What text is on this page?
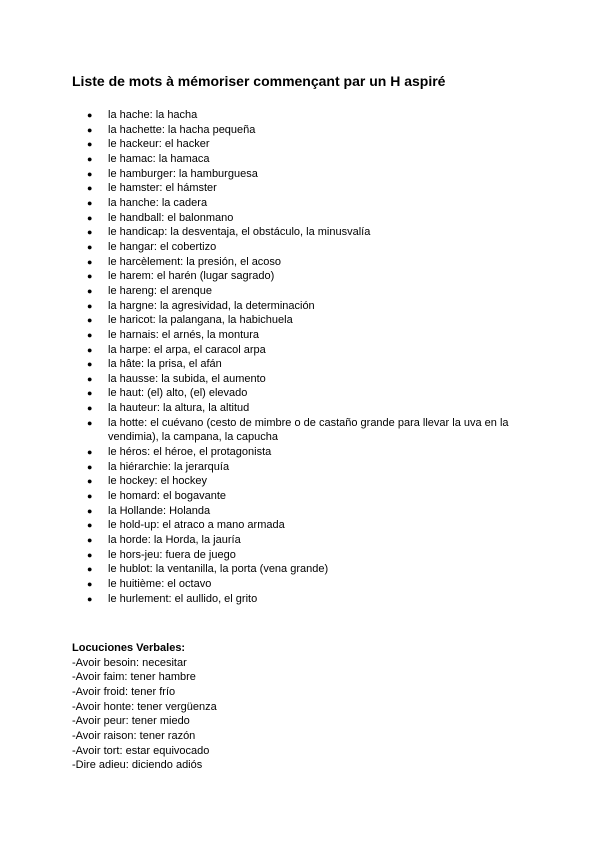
Liste de mots à mémoriser commençant par un H aspiré
● la hache: la hacha
● la hachette: la hacha pequeña
● le hackeur: el hacker
● le hamac: la hamaca
● le hamburger: la hamburguesa
● le hamster: el hámster
● la hanche: la cadera
● le handball: el balonmano
● le handicap: la desventaja, el obstáculo, la minusvalía
● le hangar: el cobertizo
● le harcèlement: la presión, el acoso
● le harem: el harén (lugar sagrado)
● le hareng: el arenque
● la hargne: la agresividad, la determinación
● le haricot: la palangana, la habichuela
● le harnais: el arnés, la montura
● la harpe: el arpa, el caracol arpa
● la hâte: la prisa, el afán
● la hausse: la subida, el aumento
● le haut: (el) alto, (el) elevado
● la hauteur: la altura, la altitud
● la hotte: el cuévano (cesto de mimbre o de castaño grande para llevar la uva en la vendimia), la campana, la capucha
● le héros: el héroe, el protagonista
● la hiérarchie: la jerarquía
● le hockey: el hockey
● le homard: el bogavante
● la Hollande: Holanda
● le hold-up: el atraco a mano armada
● la horde: la Horda, la jauría
● le hors-jeu: fuera de juego
● le hublot: la ventanilla, la porta (vena grande)
● le huitième: el octavo
● le hurlement: el aullido, el grito
Locuciones Verbales:
-Avoir besoin: necesitar
-Avoir faim: tener hambre
-Avoir froid: tener frío
-Avoir honte: tener vergüenza
-Avoir peur: tener miedo
-Avoir raison: tener razón
-Avoir tort: estar equivocado
-Dire adieu: diciendo adiós
